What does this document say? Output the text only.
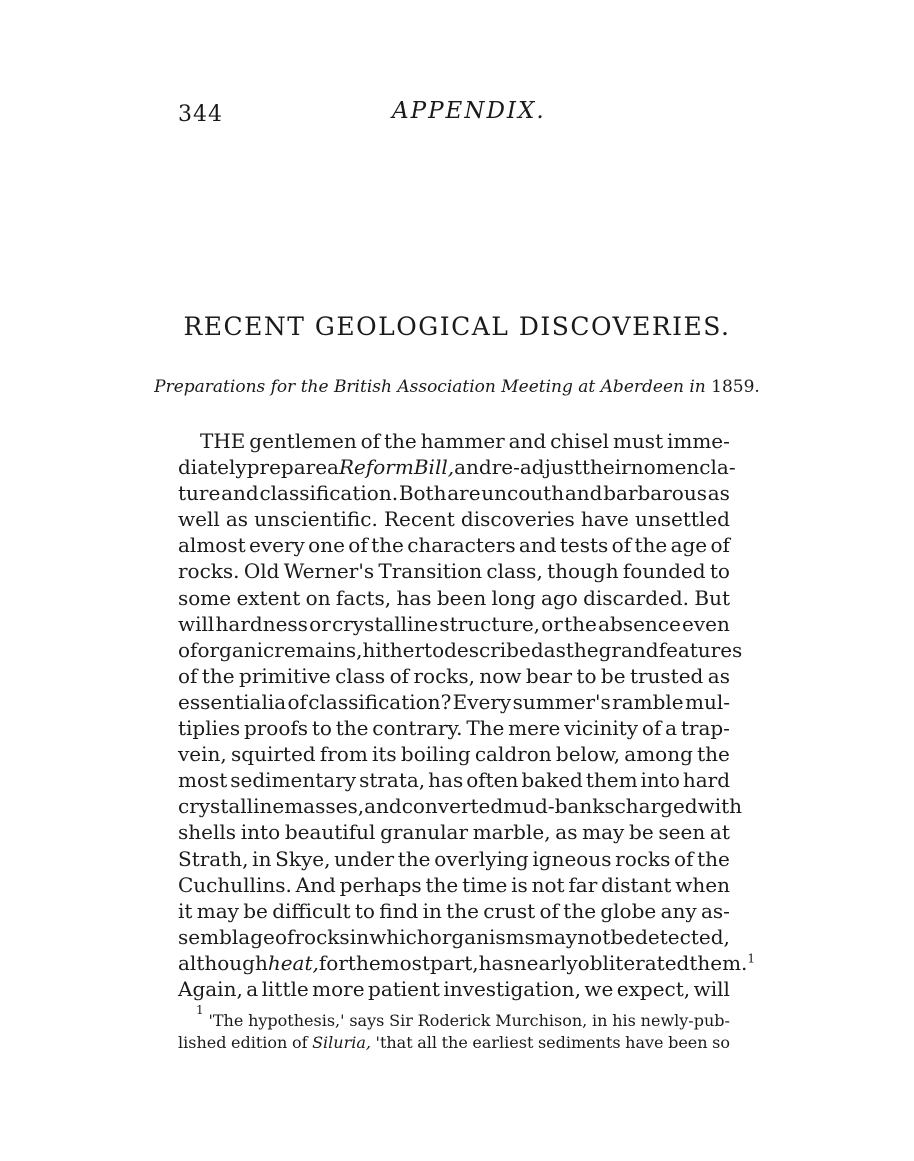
344	APPENDIX.
RECENT GEOLOGICAL DISCOVERIES.
Preparations for the British Association Meeting at Aberdeen in 1859.
THE gentlemen of the hammer and chisel must imme-
diately prepare a Reform Bill, and re-adjust their nomencla-
ture and classification. Both are uncouth and barbarous as
well as unscientific. Recent discoveries have unsettled
almost every one of the characters and tests of the age of
rocks. Old Werner's Transition class, though founded to
some extent on facts, has been long ago discarded. But
will hardness or crystalline structure, or the absence even
of organic remains, hitherto described as the grand features
of the primitive class of rocks, now bear to be trusted as
essentialia of classification? Every summer's ramble mul-
tiplies proofs to the contrary. The mere vicinity of a trap-
vein, squirted from its boiling caldron below, among the
most sedimentary strata, has often baked them into hard
crystalline masses, and converted mud-banks charged with
shells into beautiful granular marble, as may be seen at
Strath, in Skye, under the overlying igneous rocks of the
Cuchullins. And perhaps the time is not far distant when
it may be difficult to find in the crust of the globe any as-
semblage of rocks in which organisms may not be detected,
although heat, for the most part, has nearly obliterated them.$^1$
Again, a little more patient investigation, we expect, will
1
'The hypothesis,' says Sir Roderick Murchison, in his newly-pub-
lished edition of Siluria, 'that all the earliest sediments have been so
